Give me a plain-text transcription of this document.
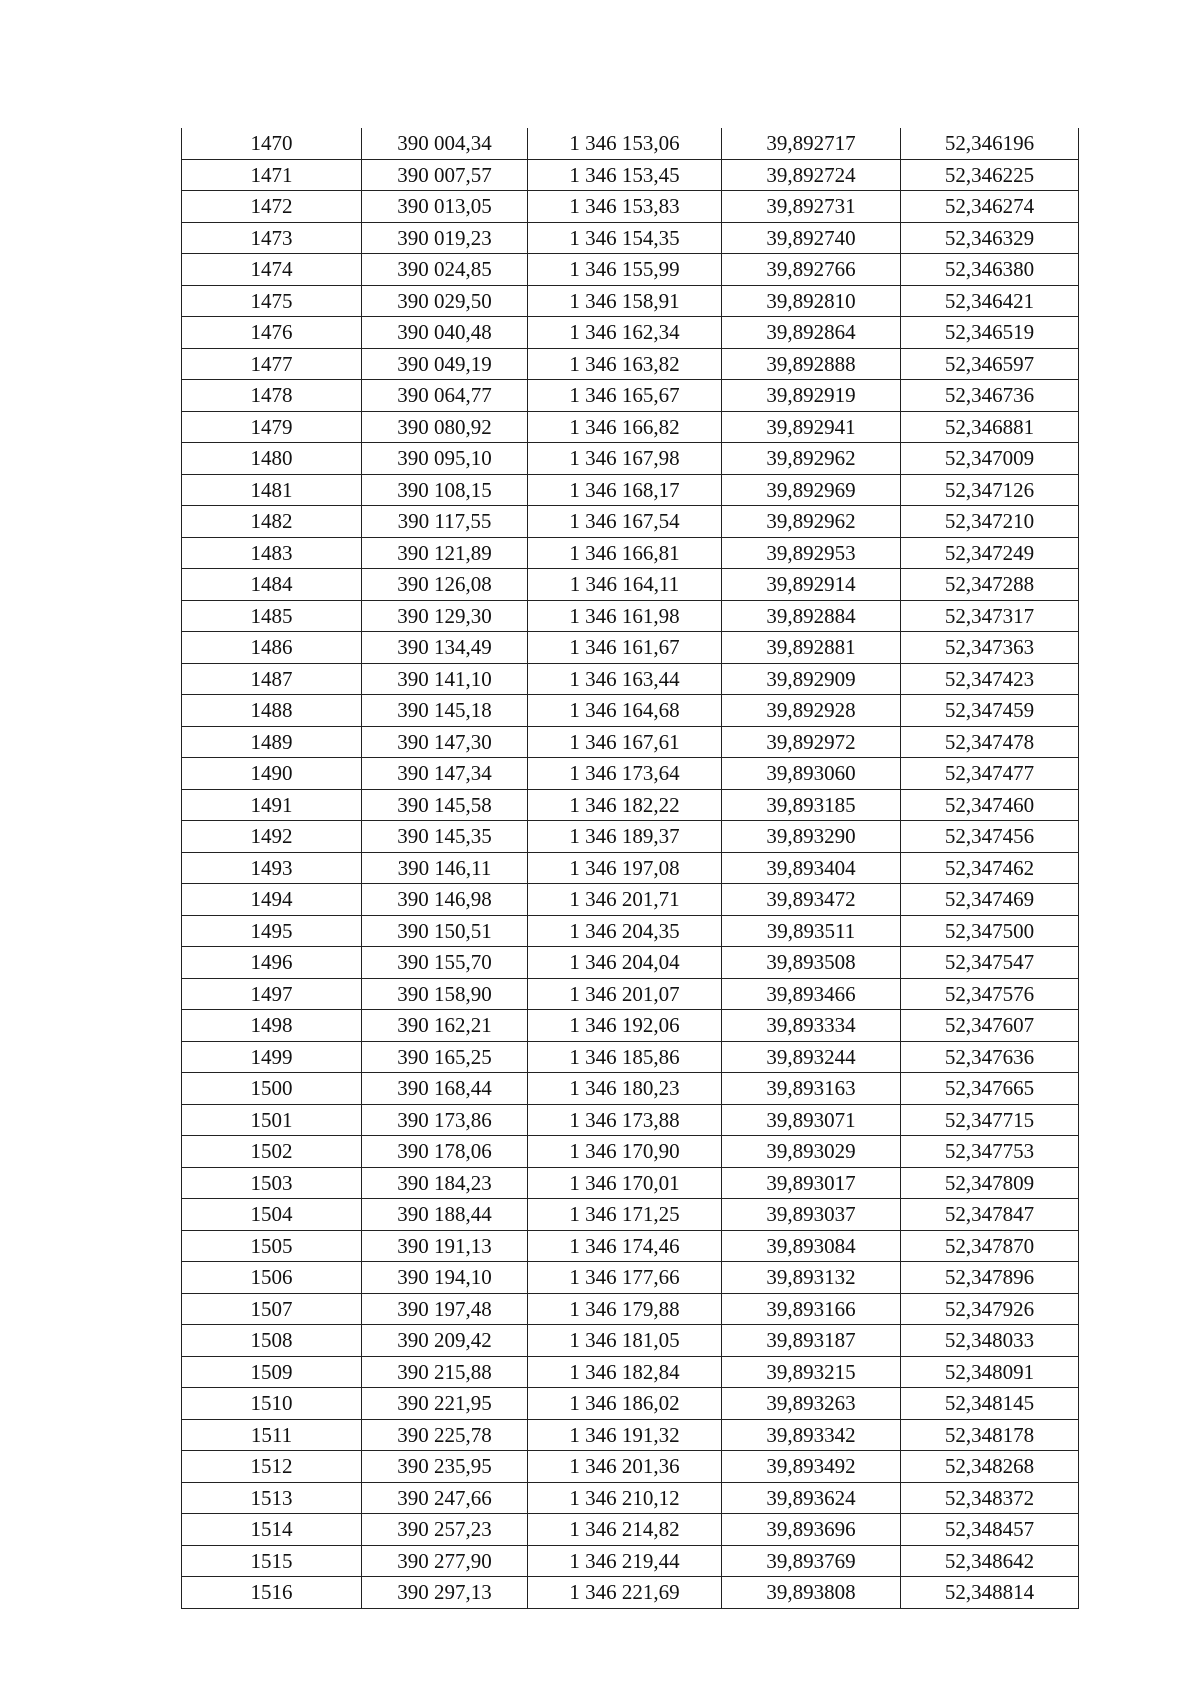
1470	390 004,34	1 346 153,06	39,892717	52,346196
1471	390 007,57	1 346 153,45	39,892724	52,346225
1472	390 013,05	1 346 153,83	39,892731	52,346274
1473	390 019,23	1 346 154,35	39,892740	52,346329
1474	390 024,85	1 346 155,99	39,892766	52,346380
1475	390 029,50	1 346 158,91	39,892810	52,346421
1476	390 040,48	1 346 162,34	39,892864	52,346519
1477	390 049,19	1 346 163,82	39,892888	52,346597
1478	390 064,77	1 346 165,67	39,892919	52,346736
1479	390 080,92	1 346 166,82	39,892941	52,346881
1480	390 095,10	1 346 167,98	39,892962	52,347009
1481	390 108,15	1 346 168,17	39,892969	52,347126
1482	390 117,55	1 346 167,54	39,892962	52,347210
1483	390 121,89	1 346 166,81	39,892953	52,347249
1484	390 126,08	1 346 164,11	39,892914	52,347288
1485	390 129,30	1 346 161,98	39,892884	52,347317
1486	390 134,49	1 346 161,67	39,892881	52,347363
1487	390 141,10	1 346 163,44	39,892909	52,347423
1488	390 145,18	1 346 164,68	39,892928	52,347459
1489	390 147,30	1 346 167,61	39,892972	52,347478
1490	390 147,34	1 346 173,64	39,893060	52,347477
1491	390 145,58	1 346 182,22	39,893185	52,347460
1492	390 145,35	1 346 189,37	39,893290	52,347456
1493	390 146,11	1 346 197,08	39,893404	52,347462
1494	390 146,98	1 346 201,71	39,893472	52,347469
1495	390 150,51	1 346 204,35	39,893511	52,347500
1496	390 155,70	1 346 204,04	39,893508	52,347547
1497	390 158,90	1 346 201,07	39,893466	52,347576
1498	390 162,21	1 346 192,06	39,893334	52,347607
1499	390 165,25	1 346 185,86	39,893244	52,347636
1500	390 168,44	1 346 180,23	39,893163	52,347665
1501	390 173,86	1 346 173,88	39,893071	52,347715
1502	390 178,06	1 346 170,90	39,893029	52,347753
1503	390 184,23	1 346 170,01	39,893017	52,347809
1504	390 188,44	1 346 171,25	39,893037	52,347847
1505	390 191,13	1 346 174,46	39,893084	52,347870
1506	390 194,10	1 346 177,66	39,893132	52,347896
1507	390 197,48	1 346 179,88	39,893166	52,347926
1508	390 209,42	1 346 181,05	39,893187	52,348033
1509	390 215,88	1 346 182,84	39,893215	52,348091
1510	390 221,95	1 346 186,02	39,893263	52,348145
1511	390 225,78	1 346 191,32	39,893342	52,348178
1512	390 235,95	1 346 201,36	39,893492	52,348268
1513	390 247,66	1 346 210,12	39,893624	52,348372
1514	390 257,23	1 346 214,82	39,893696	52,348457
1515	390 277,90	1 346 219,44	39,893769	52,348642
1516	390 297,13	1 346 221,69	39,893808	52,348814
